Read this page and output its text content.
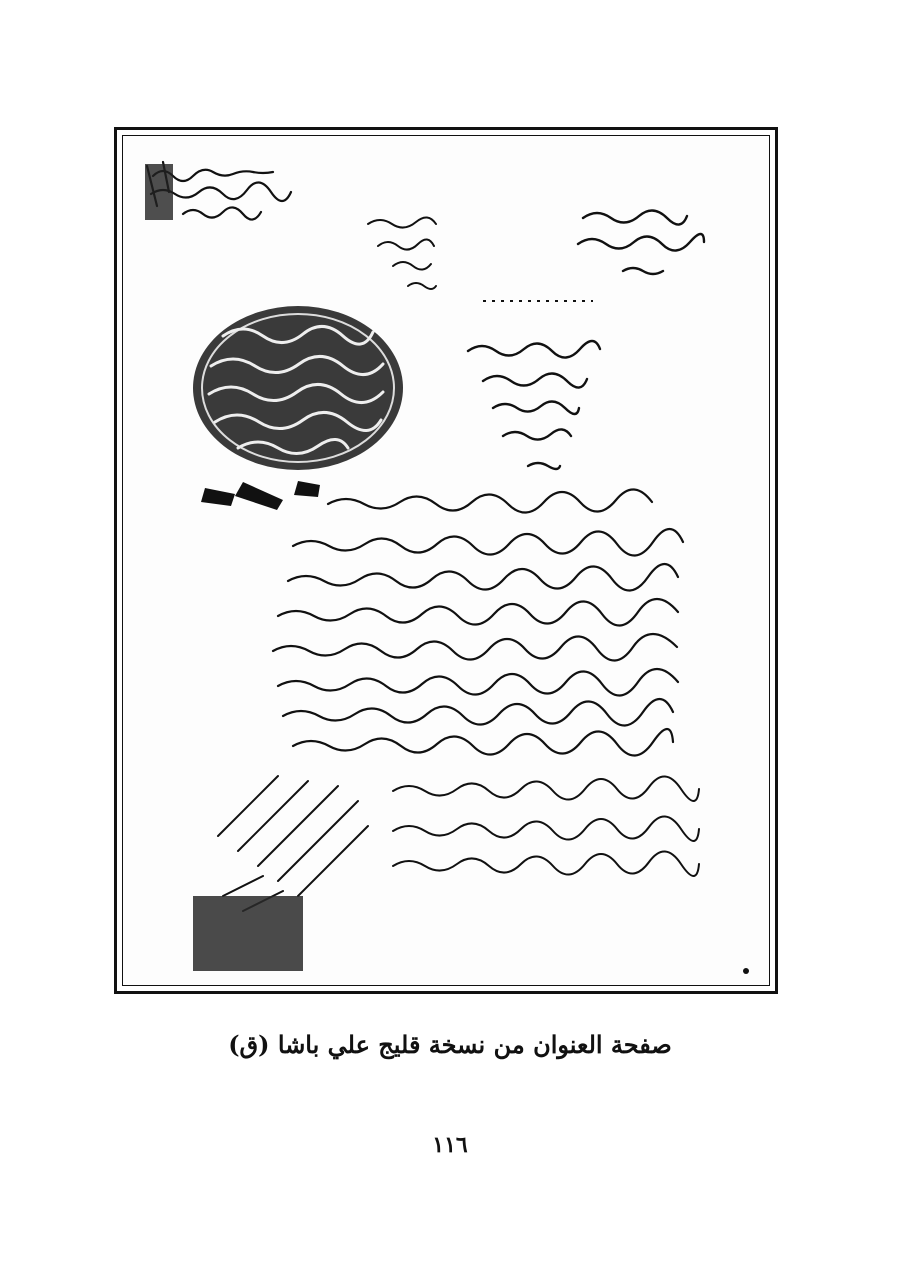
صفحة العنوان من نسخة قليج علي باشا (ق)
١١٦
